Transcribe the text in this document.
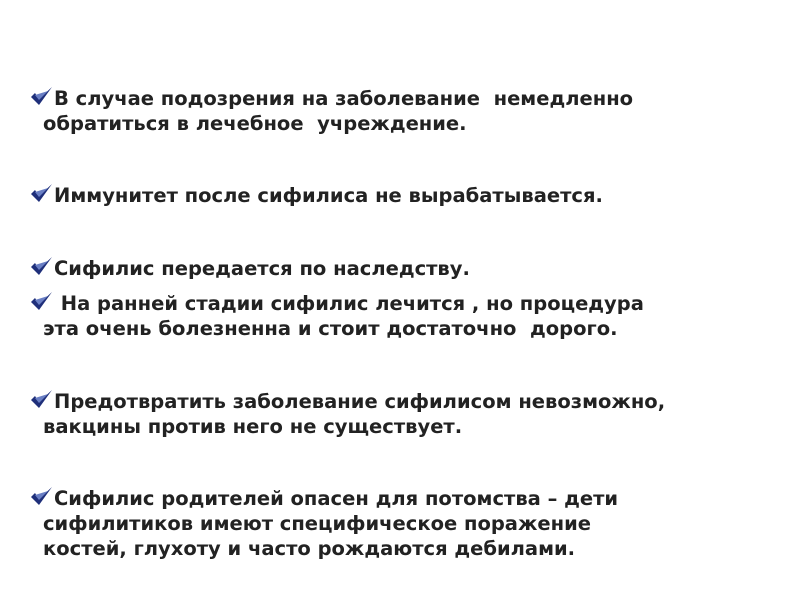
В случае подозрения на заболевание  немедленно
обратиться в лечебное  учреждение.

Иммунитет после сифилиса не вырабатывается.

Сифилис передается по наследству.

На ранней стадии сифилис лечится , но процедура
эта очень болезненна и стоит достаточно  дорого.

Предотвратить заболевание сифилисом невозможно,
вакцины против него не существует.

Сифилис родителей опасен для потомства – дети
сифилитиков имеют специфическое поражение
костей, глухоту и часто рождаются дебилами.
